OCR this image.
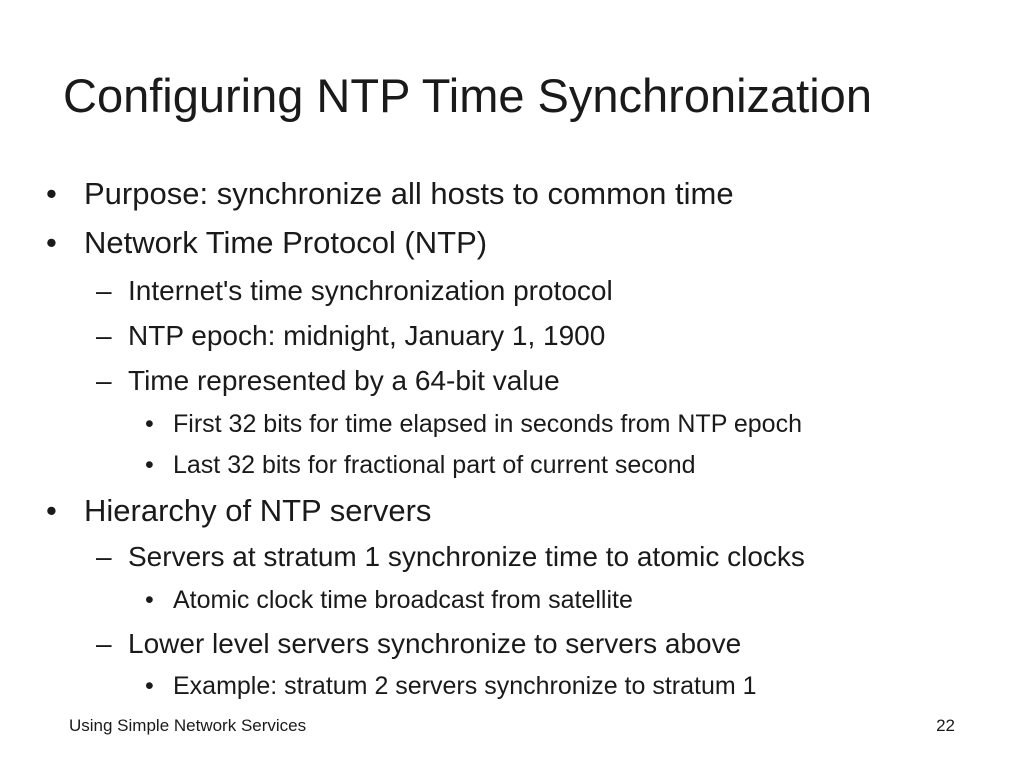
Configuring NTP Time Synchronization
• Purpose: synchronize all hosts to common time
• Network Time Protocol (NTP)
– Internet's time synchronization protocol
– NTP epoch: midnight, January 1, 1900
– Time represented by a 64-bit value
• First 32 bits for time elapsed in seconds from NTP epoch
• Last 32 bits for fractional part of current second
• Hierarchy of NTP servers
– Servers at stratum 1 synchronize time to atomic clocks
• Atomic clock time broadcast from satellite
– Lower level servers synchronize to servers above
• Example: stratum 2 servers synchronize to stratum 1
Using Simple Network Services	22
